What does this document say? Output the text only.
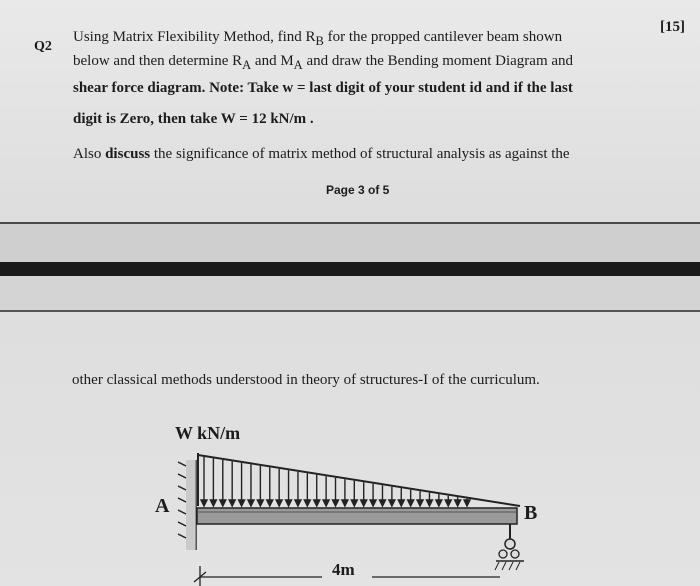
Q2
[15]
Using Matrix Flexibility Method, find $R_B$ for the propped cantilever beam shown
below and then determine $R_A$ and $M_A$ and draw the Bending moment Diagram and
shear force diagram. Note: Take w = last digit of your student id and if the last
digit is Zero, then take W = 12 kN/m .
Also discuss the significance of matrix method of structural analysis as against the
Page 3 of 5
other classical methods understood in theory of structures-I of the curriculum.
W kN/m
A	B
4m
